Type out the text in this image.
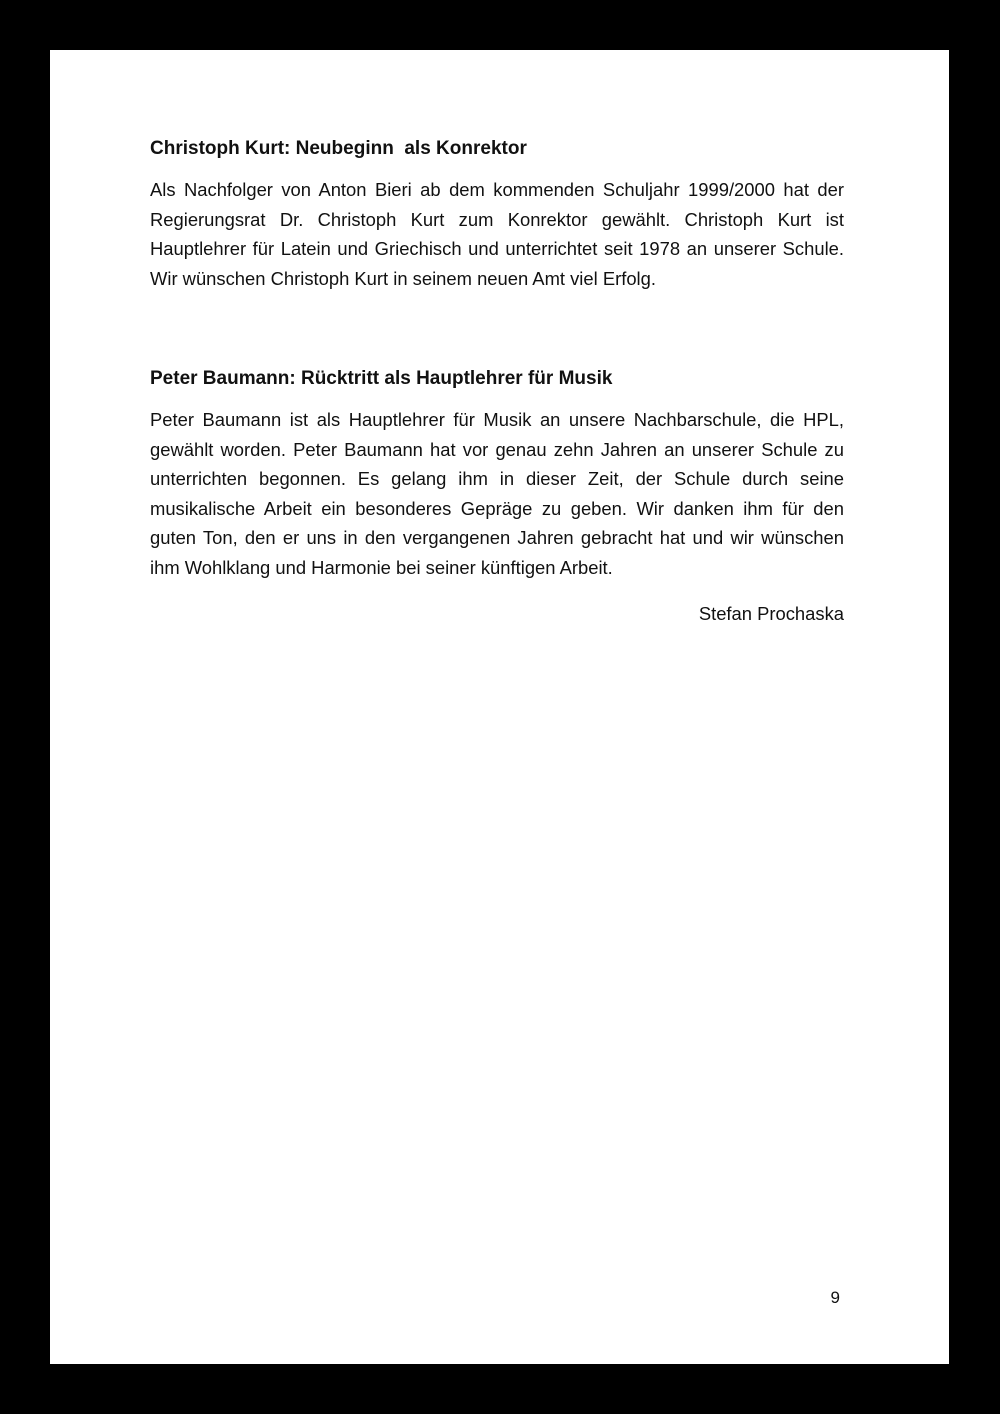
Christoph Kurt: Neubeginn  als Konrektor

Als Nachfolger von Anton Bieri ab dem kommenden Schuljahr 1999/2000 hat der Regierungsrat Dr. Christoph Kurt zum Konrektor gewählt. Christoph Kurt ist Hauptlehrer für Latein und Griechisch und unterrichtet seit 1978 an unserer Schule. Wir wünschen Christoph Kurt in seinem neuen Amt viel Erfolg.

Peter Baumann: Rücktritt als Hauptlehrer für Musik

Peter Baumann ist als Hauptlehrer für Musik an unsere Nachbarschule, die HPL, gewählt worden. Peter Baumann hat vor genau zehn Jahren an unserer Schule zu unterrichten begonnen. Es gelang ihm in dieser Zeit, der Schule durch seine musikalische Arbeit ein besonderes Gepräge zu geben. Wir danken ihm für den guten Ton, den er uns in den vergangenen Jahren gebracht hat und wir wünschen ihm Wohlklang und Harmonie bei seiner künftigen Arbeit.

Stefan Prochaska
9
